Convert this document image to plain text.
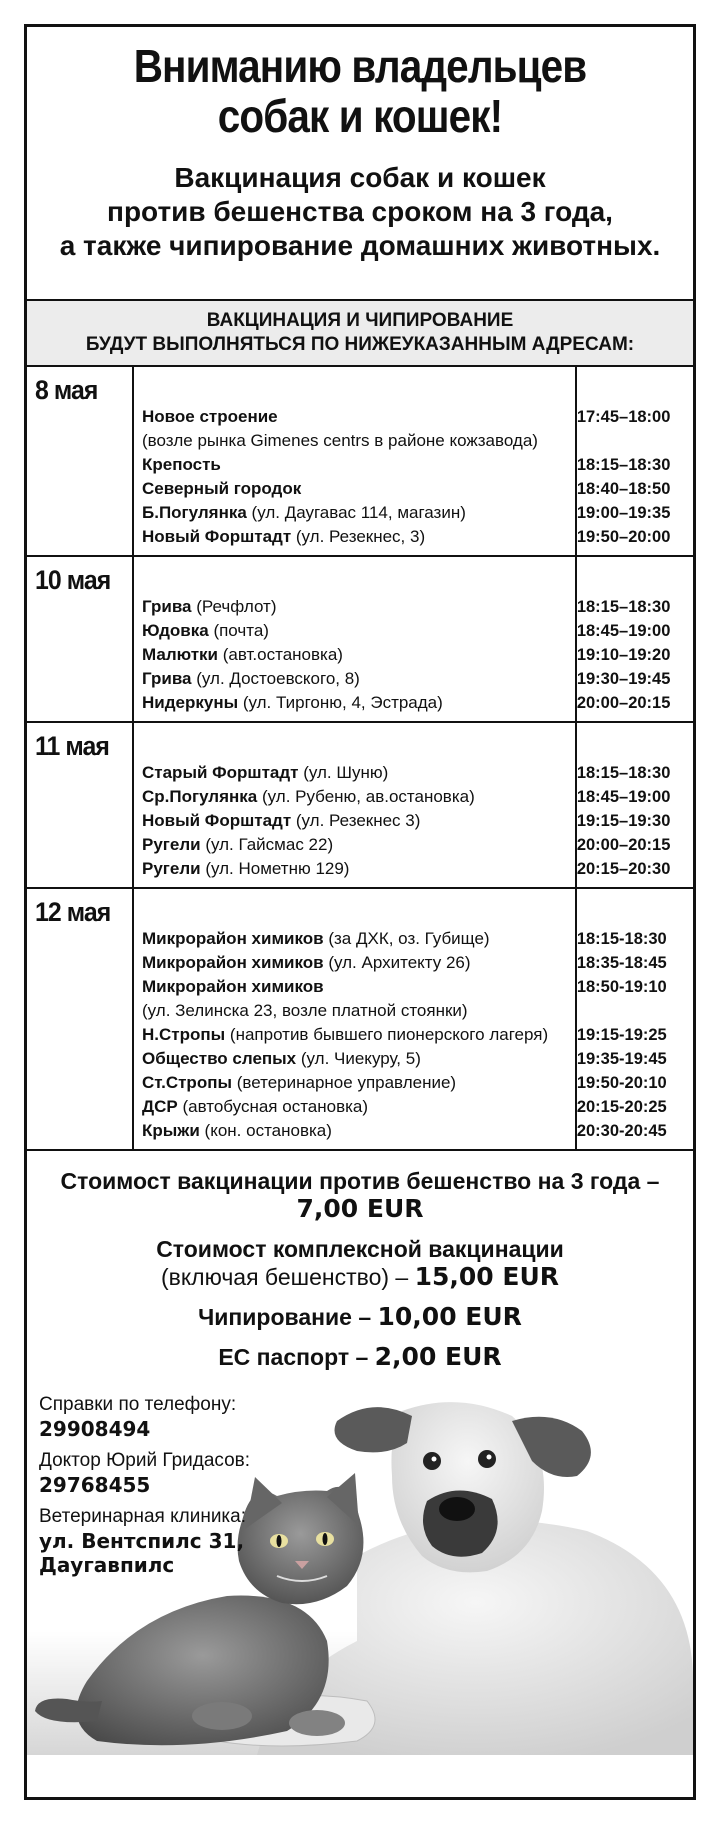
Вниманию владельцев
собак и кошек!
Вакцинация собак и кошек
против бешенства сроком на 3 года,
а также чипирование домашних животных.
ВАКЦИНАЦИЯ И ЧИПИРОВАНИЕ
БУДУТ ВЫПОЛНЯТЬСЯ ПО НИЖЕУКАЗАННЫМ АДРЕСАМ:
8 мая
Новое строение	17:45–18:00
(возле рынка Gimenes centrs в районе кожзавода)
Крепость	18:15–18:30
Северный городок	18:40–18:50
Б.Погулянка (ул. Даугавас 114, магазин)	19:00–19:35
Новый Форштадт (ул. Резекнес, 3)	19:50–20:00
10 мая
Грива (Речфлот)	18:15–18:30
Юдовка (почта)	18:45–19:00
Малютки (авт.остановка)	19:10–19:20
Грива (ул. Достоевского, 8)	19:30–19:45
Нидеркуны (ул. Тиргоню, 4, Эстрада)	20:00–20:15
11 мая
Старый Форштадт (ул. Шуню)	18:15–18:30
Ср.Погулянка (ул. Рубеню, ав.остановка)	18:45–19:00
Новый Форштадт (ул. Резекнес 3)	19:15–19:30
Ругели (ул. Гайсмас 22)	20:00–20:15
Ругели (ул. Нометню 129)	20:15–20:30
12 мая
Микрорайон химиков (за ДХК, оз. Губище)	18:15-18:30
Микрорайон химиков (ул. Архитекту 26)	18:35-18:45
Микрорайон химиков	18:50-19:10
(ул. Зелинска 23, возле платной стоянки)
Н.Стропы (напротив бывшего пионерского лагеря)	19:15-19:25
Общество слепых (ул. Чиекуру, 5)	19:35-19:45
Ст.Стропы (ветеринарное управление)	19:50-20:10
ДСР (автобусная остановка)	20:15-20:25
Крыжи (кон. остановка)	20:30-20:45
Стоимост вакцинации против бешенство на 3 года –
7,00 EUR
Стоимост комплексной вакцинации
(включая бешенство) – 15,00 EUR
Чипирование – 10,00 EUR
ЕС паспорт – 2,00 EUR
Справки по телефону:
29908494
Доктор Юрий Гридасов:
29768455
Ветеринарная клиника:
ул. Вентспилс 31,
Даугавпилс
